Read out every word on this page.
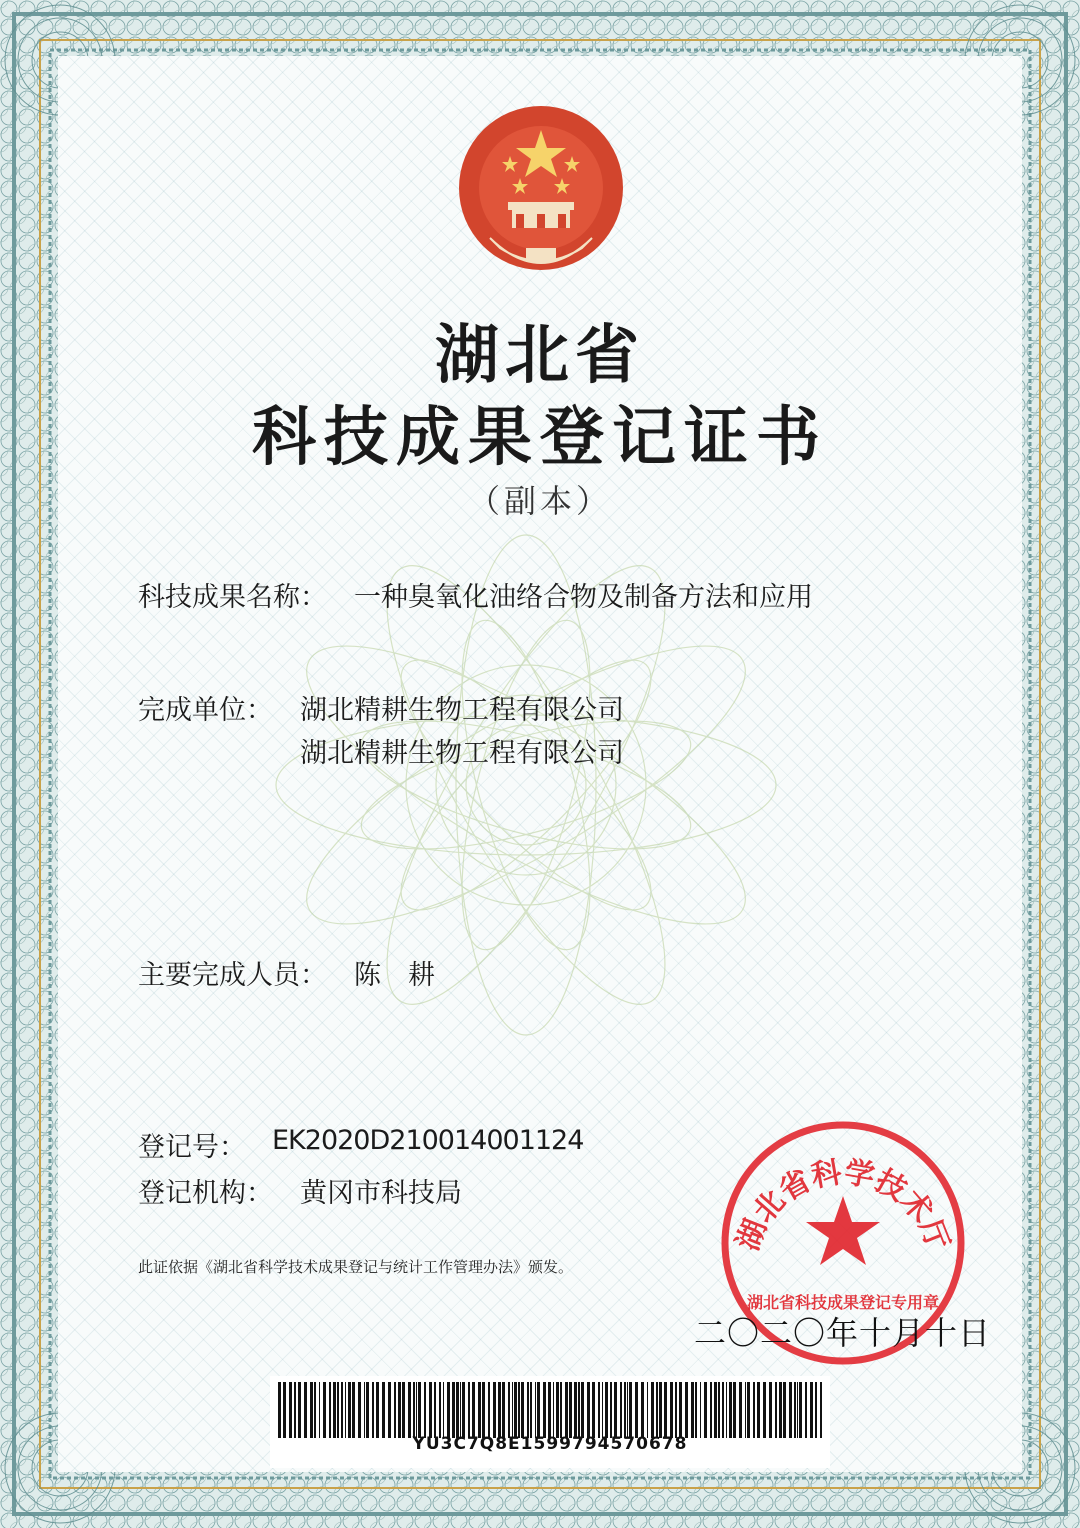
湖北省
科技成果登记证书
（副本）
科技成果名称： 一种臭氧化油络合物及制备方法和应用
完成单位： 湖北精耕生物工程有限公司
湖北精耕生物工程有限公司
主要完成人员： 陈　耕
登记号： EK2020D210014001124
登记机构： 黄冈市科技局
此证依据《湖北省科学技术成果登记与统计工作管理办法》颁发。
湖北省科学技术厅
湖北省科技成果登记专用章
二〇二〇年十月十日
YU3C7Q8E1599794570678
